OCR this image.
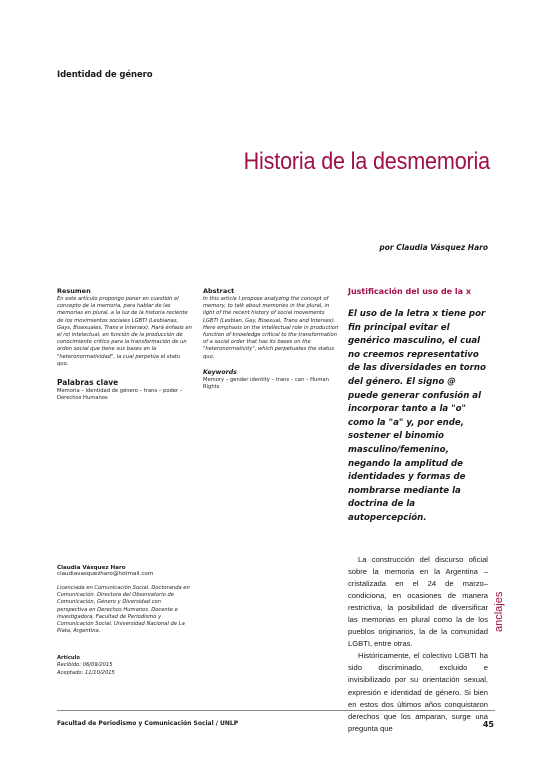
Identidad de género
Historia de la desmemoria
por Claudia Vásquez Haro

Resumen

En este artículo propongo poner en cuestión el concepto de la memoria, para hablar de las memorias en plural, a la luz de la historia reciente de los movimientos sociales LGBTI (Lesbianas, Gays, Bisexuales, Trans e Intersex). Hará énfasis en el rol intelectual, en función de la producción de conocimiento crítico para la transformación de un orden social que tiene sus bases en la "heteronormatividad", la cual perpetúa el statu quo.

Palabras clave

Memoria – identidad de género – trans – poder – Derechos Humanos

Abstract

In this article I propose analyzing the concept of memory, to talk about memories in the plural, in light of the recent history of social movements LGBTI (Lesbian, Gay, Bisexual, Trans and Intersex). Here emphasis on the intellectual role in production function of knowledge critical to the transformation of a social order that has its bases on the "heteronormativity", which perpetuates the status quo.

Keywords

Memory – gender identity – trans – can – Human Rights

Justificación del uso de la x

El uso de la letra x tiene por fin principal evitar el genérico masculino, el cual no creemos representativo de las diversidades en torno del género. El signo @ puede generar confusión al incorporar tanto a la "o" como la "a" y, por ende, sostener el binomio masculino/femenino, negando la amplitud de identidades y formas de nombrarse mediante la doctrina de la autopercepción.

La construcción del discurso oficial sobre la memoria en la Argentina –cristalizada en el 24 de marzo– condiciona, en ocasiones de manera restrictiva, la posibilidad de diversificar las memorias en plural como la de los pueblos originarios, la de la comunidad LGBTI, entre otras.

Históricamente, el colectivo LGBTI ha sido discriminado, excluido e invisibilizado por su orientación sexual, expresión e identidad de género. Si bien en estos dos últimos años conquistaron derechos que los amparan, surge una pregunta que

Claudia Vásquez Haro
claudiavasquezharo@hotmail.com
Licenciada en Comunicación Social. Doctoranda en Comunicación. Directora del Observatorio de Comunicación, Género y Diversidad con perspectiva en Derechos Humanos. Docente e investigadora, Facultad de Periodismo y Comunicación Social, Universidad Nacional de La Plata, Argentina.
Artículo
Recibido: 06/09/2015
Aceptado: 11/10/2015
anclajes
Facultad de Periodismo y Comunicación Social / UNLP	45
